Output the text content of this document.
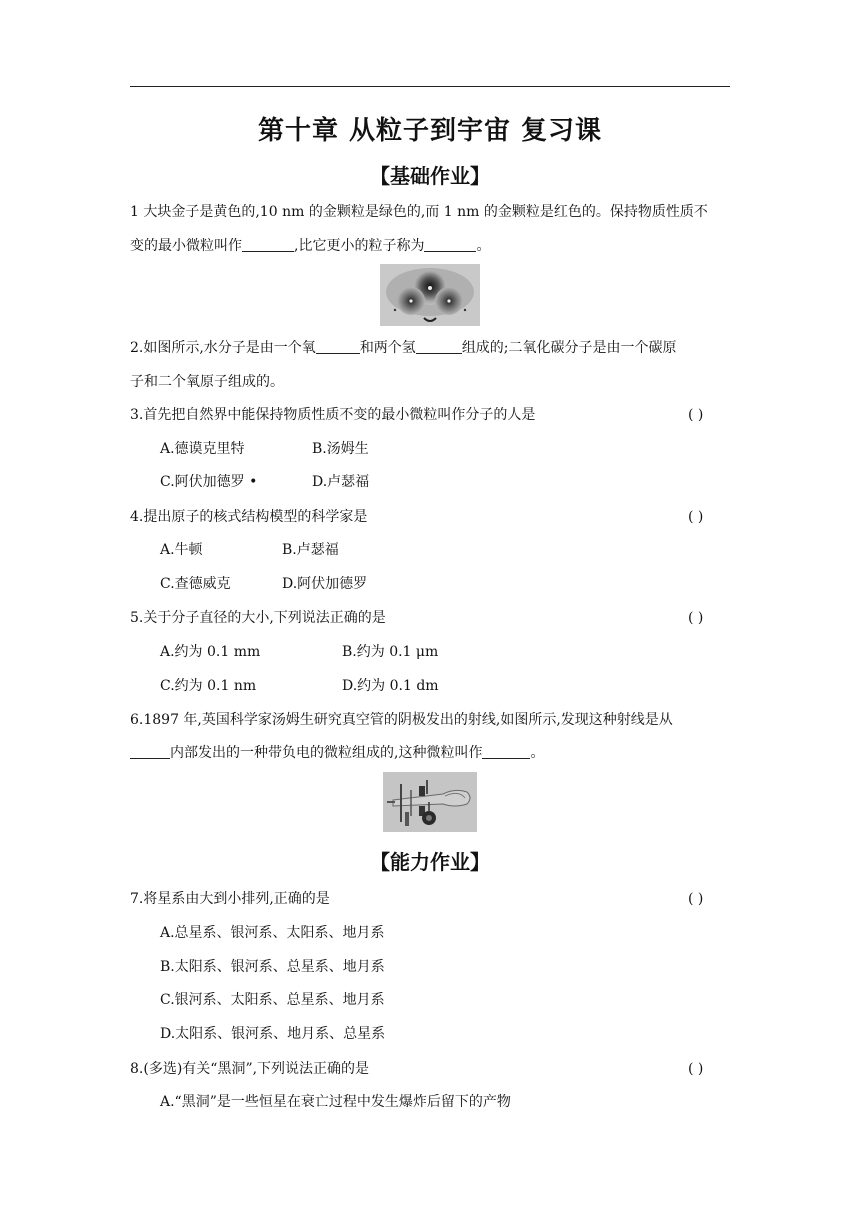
第十章 从粒子到宇宙 复习课
【基础作业】
1 大块金子是黄色的,10 nm 的金颗粒是绿色的,而 1 nm 的金颗粒是红色的。保持物质性质不
变的最小微粒叫作	,比它更小的粒子称为	。
2.如图所示,水分子是由一个氧	和两个氢	组成的;二氧化碳分子是由一个碳原
子和二个氧原子组成的。
3.首先把自然界中能保持物质性质不变的最小微粒叫作分子的人是	( )
A.德谟克里特	B.汤姆生
C.阿伏加德罗 •	D.卢瑟福
4.提出原子的核式结构模型的科学家是	( )
A.牛顿	B.卢瑟福
C.查德威克	D.阿伏加德罗
5.关于分子直径的大小,下列说法正确的是	( )
A.约为 0.1 mm	B.约为 0.1 μm
C.约为 0.1 nm	D.约为 0.1 dm
6.1897 年,英国科学家汤姆生研究真空管的阴极发出的射线,如图所示,发现这种射线是从
内部发出的一种带负电的微粒组成的,这种微粒叫作	。
【能力作业】
7.将星系由大到小排列,正确的是	( )
A.总星系、银河系、太阳系、地月系
B.太阳系、银河系、总星系、地月系
C.银河系、太阳系、总星系、地月系
D.太阳系、银河系、地月系、总星系
8.(多选)有关“黑洞”,下列说法正确的是	( )
A.“黑洞”是一些恒星在衰亡过程中发生爆炸后留下的产物
